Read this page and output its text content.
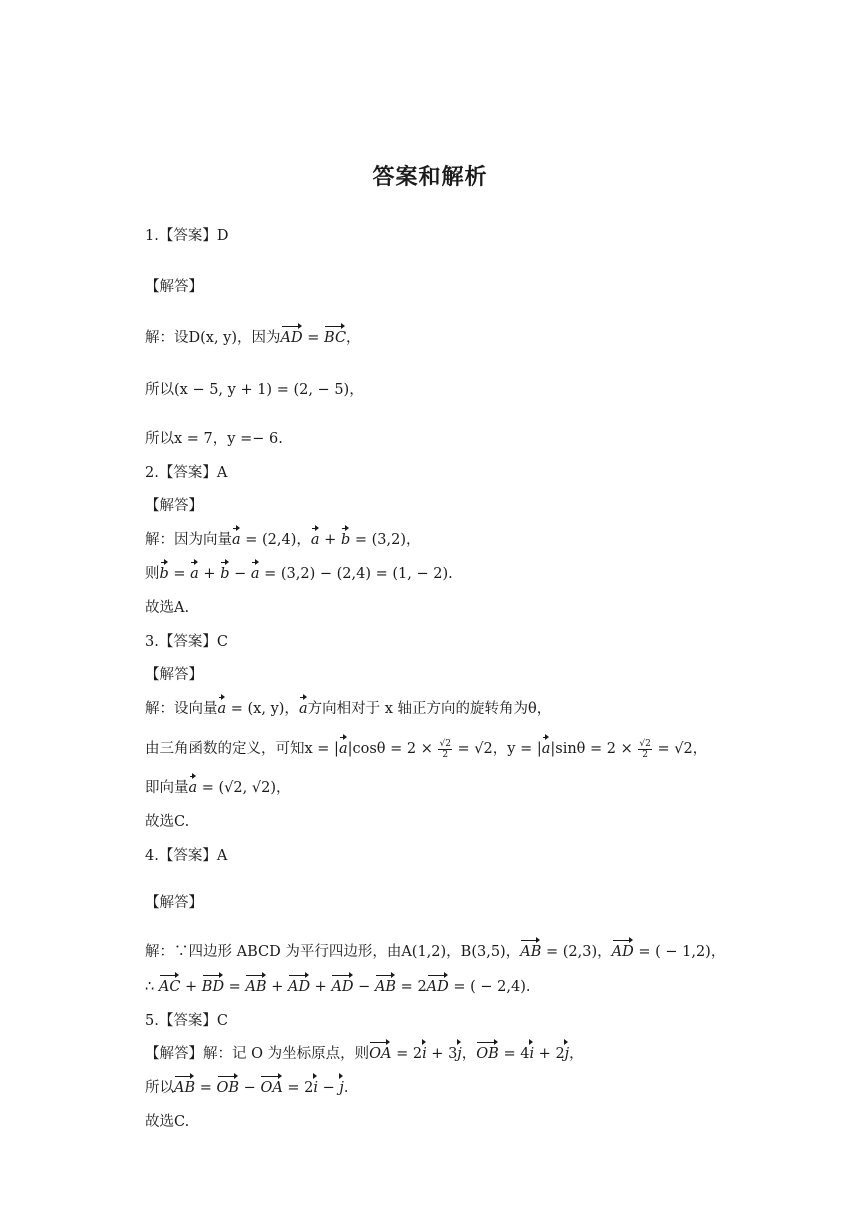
答案和解析
1.【答案】D
【解答】
解：设D(x, y)，因为AD = BC，
所以(x − 5, y + 1) = (2, − 5)，
所以x = 7，y =− 6.
2.【答案】A
【解答】
解：因为向量a = (2,4)，a + b = (3,2)，
则b = a + b − a = (3,2) − (2,4) = (1, − 2).
故选A.
3.【答案】C
【解答】
解：设向量a = (x, y)，a方向相对于 x 轴正方向的旋转角为θ，
由三角函数的定义，可知$x = |a|\cos\theta = 2 \times \frac{√2}{2} = √2$，$y = |a|\sin\theta = 2 \times \frac{√2}{2} = √2$，
即向量a = (√2, √2)，
故选C.
4.【答案】A
【解答】
解：∵四边形 ABCD 为平行四边形，由A(1,2)，B(3,5)，AB = (2,3)，AD = ( − 1,2)，
∴ AC + BD = AB + AD + AD − AB = 2AD = ( − 2,4).
5.【答案】C
【解答】解：记 O 为坐标原点，则OA = 2i + 3j，OB = 4i + 2j，
所以AB = OB − OA = 2i − j.
故选C.
